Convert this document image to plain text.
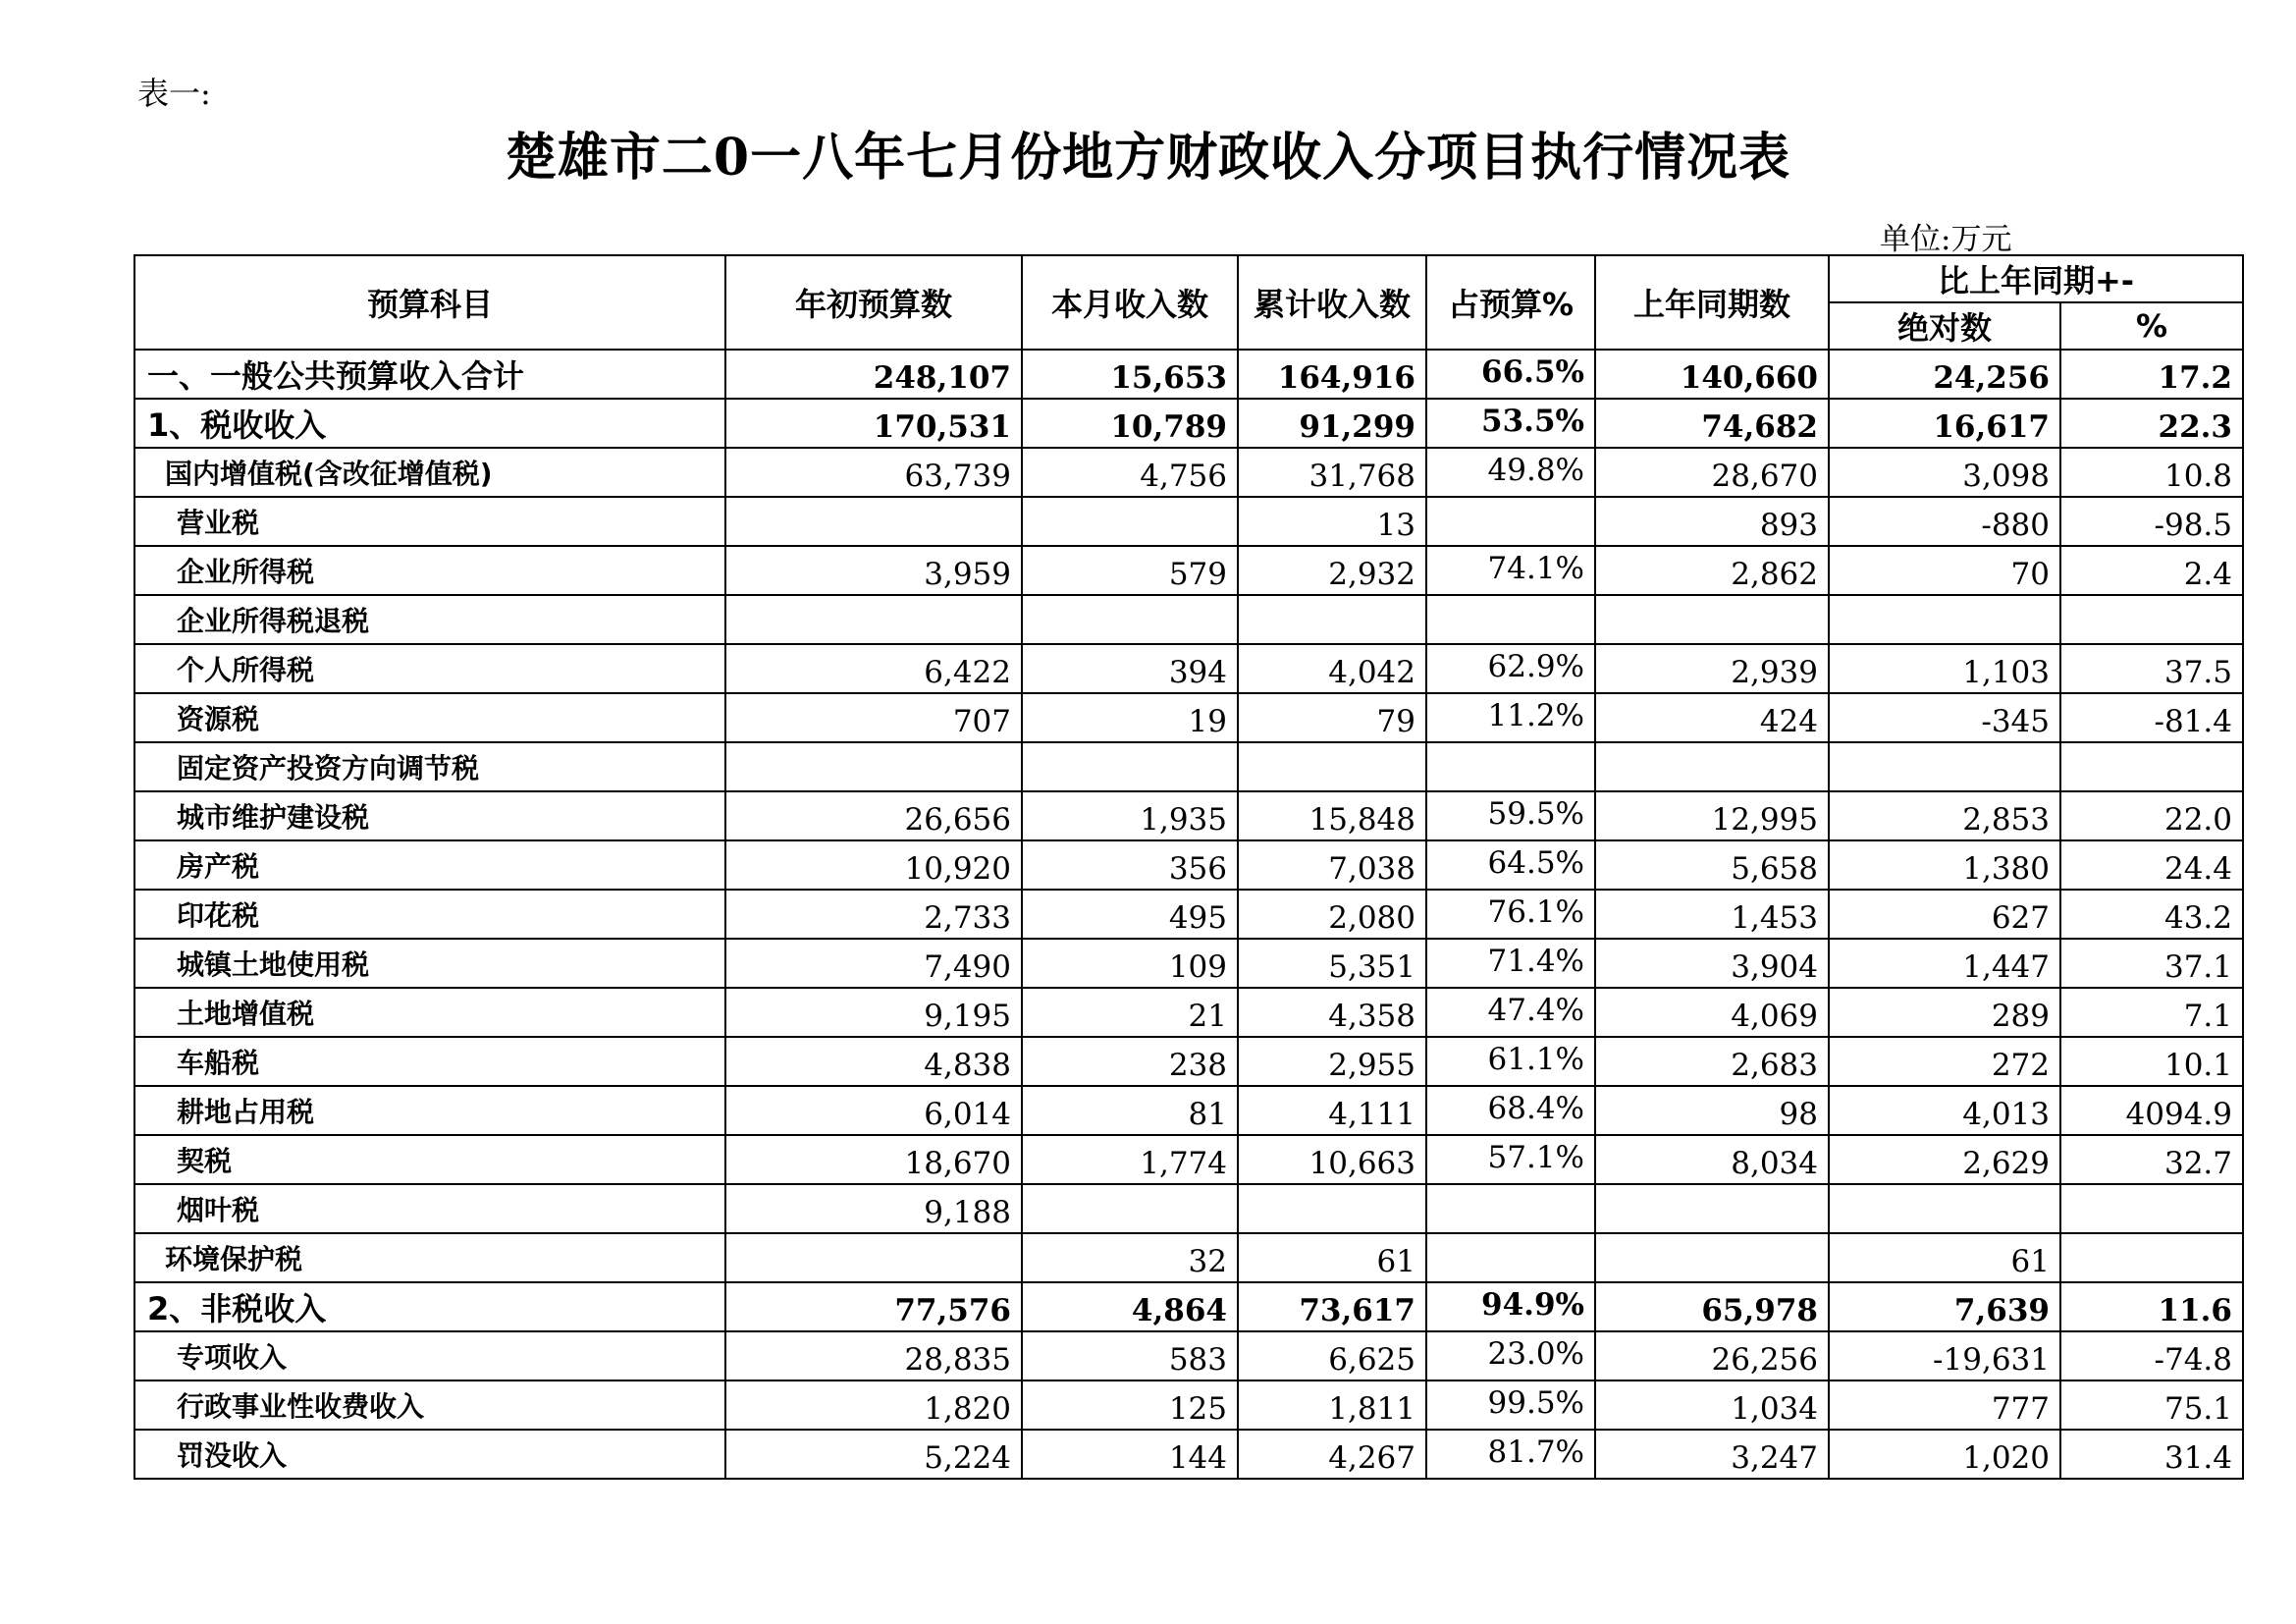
表一:
楚雄市二0一八年七月份地方财政收入分项目执行情况表
单位:万元
预算科目	年初预算数	本月收入数	累计收入数	占预算%	上年同期数	比上年同期+-	
						绝对数	%
一、一般公共预算收入合计	248,107	15,653	164,916	66.5%	140,660	24,256	17.2
1、税收收入	170,531	10,789	91,299	53.5%	74,682	16,617	22.3
国内增值税(含改征增值税)	63,739	4,756	31,768	49.8%	28,670	3,098	10.8
营业税			13		893	-880	-98.5
企业所得税	3,959	579	2,932	74.1%	2,862	70	2.4
企业所得税退税							
个人所得税	6,422	394	4,042	62.9%	2,939	1,103	37.5
资源税	707	19	79	11.2%	424	-345	-81.4
固定资产投资方向调节税							
城市维护建设税	26,656	1,935	15,848	59.5%	12,995	2,853	22.0
房产税	10,920	356	7,038	64.5%	5,658	1,380	24.4
印花税	2,733	495	2,080	76.1%	1,453	627	43.2
城镇土地使用税	7,490	109	5,351	71.4%	3,904	1,447	37.1
土地增值税	9,195	21	4,358	47.4%	4,069	289	7.1
车船税	4,838	238	2,955	61.1%	2,683	272	10.1
耕地占用税	6,014	81	4,111	68.4%	98	4,013	4094.9
契税	18,670	1,774	10,663	57.1%	8,034	2,629	32.7
烟叶税	9,188						
环境保护税		32	61			61	
2、非税收入	77,576	4,864	73,617	94.9%	65,978	7,639	11.6
专项收入	28,835	583	6,625	23.0%	26,256	-19,631	-74.8
行政事业性收费收入	1,820	125	1,811	99.5%	1,034	777	75.1
罚没收入	5,224	144	4,267	81.7%	3,247	1,020	31.4
